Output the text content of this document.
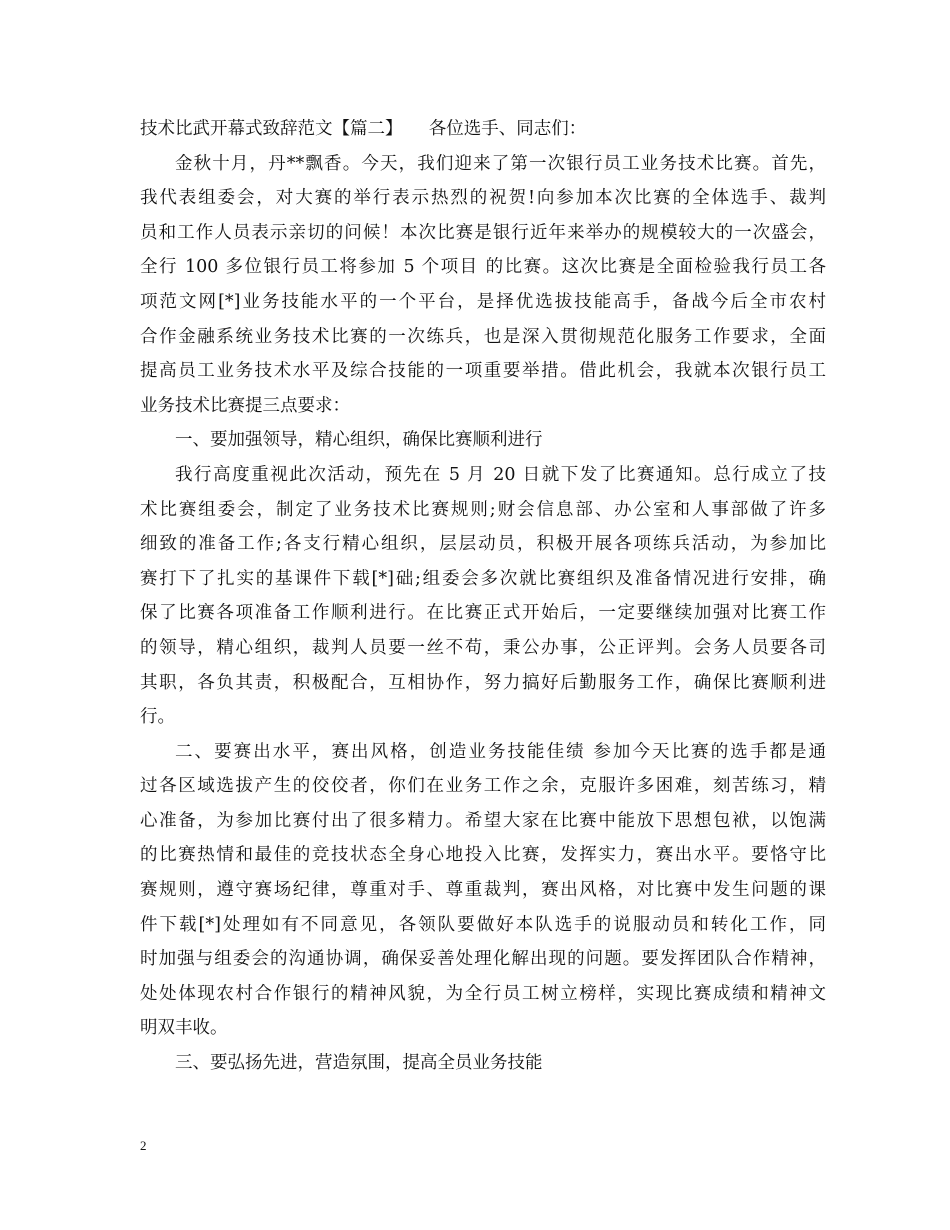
技术比武开幕式致辞范文【篇二】　　各位选手、同志们：
金秋十月，丹**飘香。今天，我们迎来了第一次银行员工业务技术比赛。首先，
我代表组委会，对大赛的举行表示热烈的祝贺!向参加本次比赛的全体选手、裁判
员和工作人员表示亲切的问候！本次比赛是银行近年来举办的规模较大的一次盛会，
全行 100 多位银行员工将参加 5 个项目 的比赛。这次比赛是全面检验我行员工各
项范文网[*]业务技能水平的一个平台，是择优选拔技能高手，备战今后全市农村
合作金融系统业务技术比赛的一次练兵，也是深入贯彻规范化服务工作要求，全面
提高员工业务技术水平及综合技能的一项重要举措。借此机会，我就本次银行员工
业务技术比赛提三点要求：
一、要加强领导，精心组织，确保比赛顺利进行
我行高度重视此次活动，预先在 5 月 20 日就下发了比赛通知。总行成立了技
术比赛组委会，制定了业务技术比赛规则;财会信息部、办公室和人事部做了许多
细致的准备工作;各支行精心组织，层层动员，积极开展各项练兵活动，为参加比
赛打下了扎实的基课件下载[*]础;组委会多次就比赛组织及准备情况进行安排，确
保了比赛各项准备工作顺利进行。在比赛正式开始后，一定要继续加强对比赛工作
的领导，精心组织，裁判人员要一丝不苟，秉公办事，公正评判。会务人员要各司
其职，各负其责，积极配合，互相协作，努力搞好后勤服务工作，确保比赛顺利进
行。
二、要赛出水平，赛出风格，创造业务技能佳绩 参加今天比赛的选手都是通
过各区域选拔产生的佼佼者，你们在业务工作之余，克服许多困难，刻苦练习，精
心准备，为参加比赛付出了很多精力。希望大家在比赛中能放下思想包袱，以饱满
的比赛热情和最佳的竞技状态全身心地投入比赛，发挥实力，赛出水平。要恪守比
赛规则，遵守赛场纪律，尊重对手、尊重裁判，赛出风格，对比赛中发生问题的课
件下载[*]处理如有不同意见，各领队要做好本队选手的说服动员和转化工作，同
时加强与组委会的沟通协调，确保妥善处理化解出现的问题。要发挥团队合作精神，
处处体现农村合作银行的精神风貌，为全行员工树立榜样，实现比赛成绩和精神文
明双丰收。
三、要弘扬先进，营造氛围，提高全员业务技能
2
